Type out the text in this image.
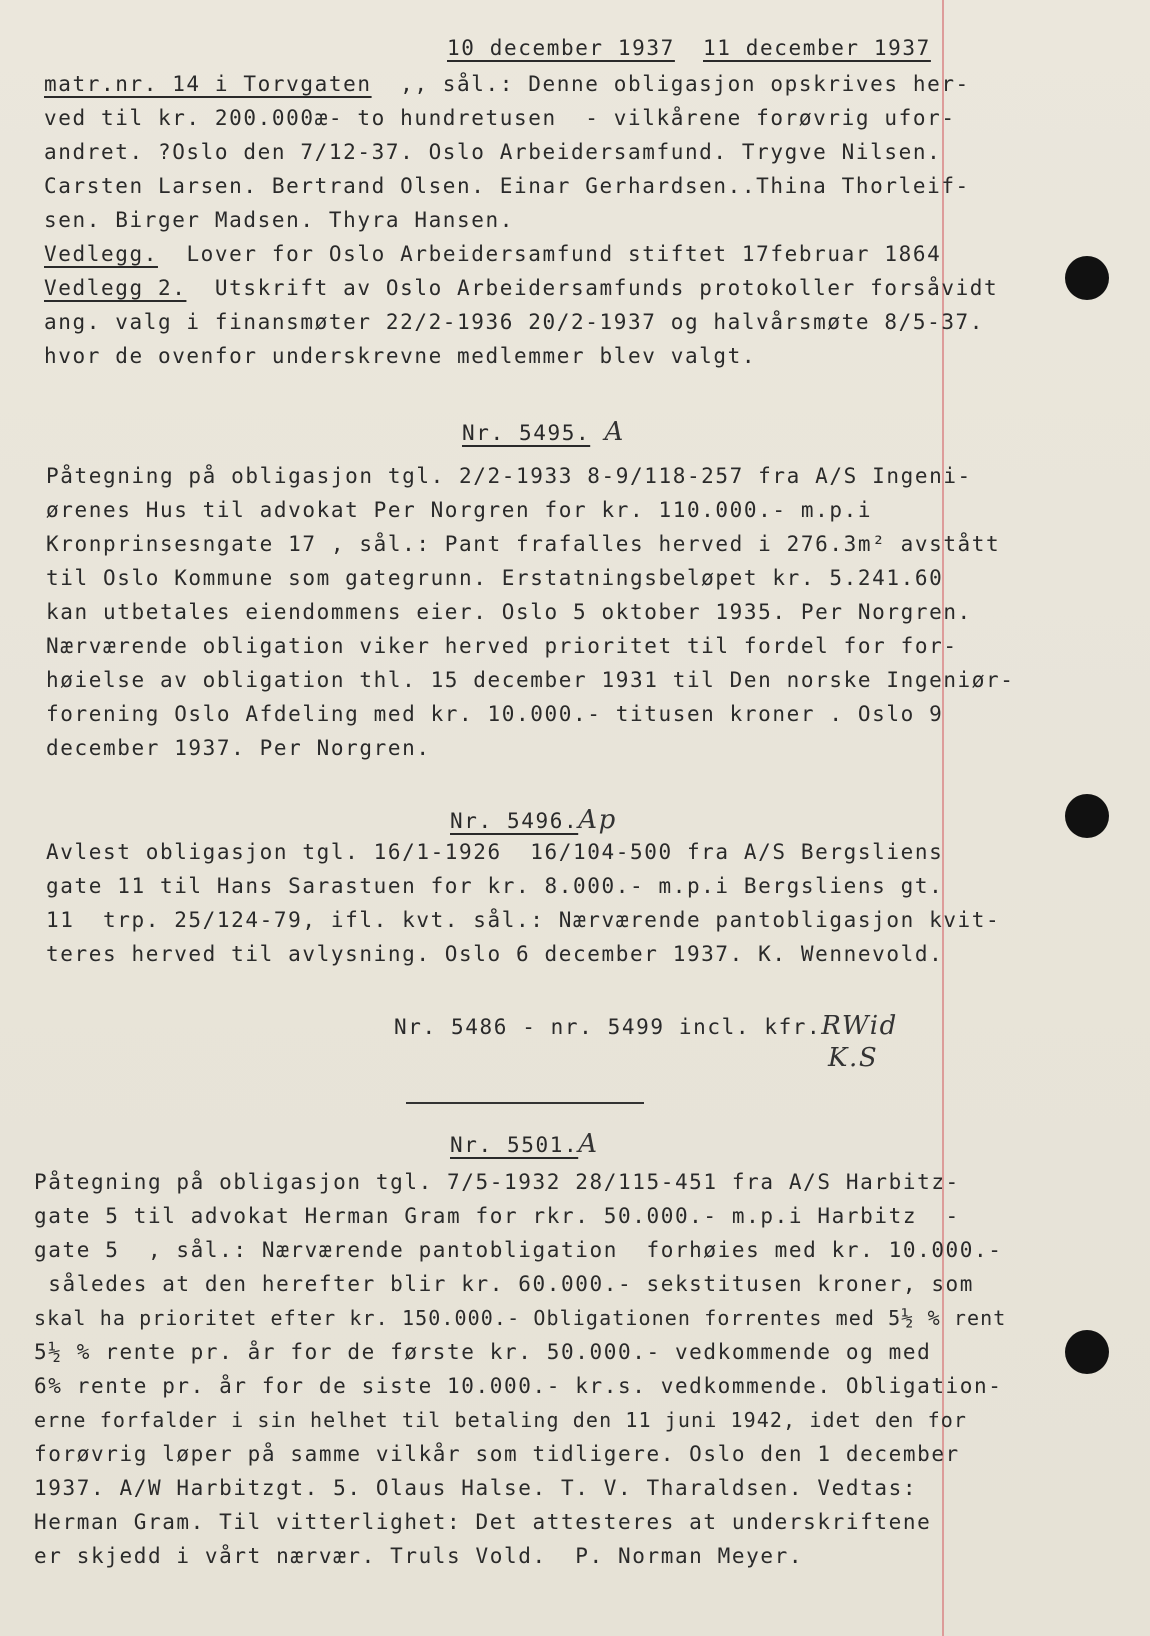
10 december 1937 11 december 1937
matr.nr. 14 i Torvgaten  ,, sål.: Denne obligasjon opskrives her-
ved til kr. 200.000æ- to hundretusen  - vilkårene forøvrig ufor-
andret. ?Oslo den 7/12-37. Oslo Arbeidersamfund. Trygve Nilsen.
Carsten Larsen. Bertrand Olsen. Einar Gerhardsen..Thina Thorleif-
sen. Birger Madsen. Thyra Hansen.
Vedlegg.  Lover for Oslo Arbeidersamfund stiftet 17februar 1864
Vedlegg 2.  Utskrift av Oslo Arbeidersamfunds protokoller forsåvidt
ang. valg i finansmøter 22/2-1936 20/2-1937 og halvårsmøte 8/5-37.
hvor de ovenfor underskrevne medlemmer blev valgt.
Nr. 5495. A
Påtegning på obligasjon tgl. 2/2-1933 8-9/118-257 fra A/S Ingeni-
ørenes Hus til advokat Per Norgren for kr. 110.000.- m.p.i
Kronprinsesngate 17 , sål.: Pant frafalles herved i 276.3m² avstått
til Oslo Kommune som gategrunn. Erstatningsbeløpet kr. 5.241.60
kan utbetales eiendommens eier. Oslo 5 oktober 1935. Per Norgren.
Nærværende obligation viker herved prioritet til fordel for for-
høielse av obligation thl. 15 december 1931 til Den norske Ingeniør-
forening Oslo Afdeling med kr. 10.000.- titusen kroner . Oslo 9
december 1937. Per Norgren.
Nr. 5496.Ap
Avlest obligasjon tgl. 16/1-1926  16/104-500 fra A/S Bergsliens
gate 11 til Hans Sarastuen for kr. 8.000.- m.p.i Bergsliens gt.
11  trp. 25/124-79, ifl. kvt. sål.: Nærværende pantobligasjon kvit-
teres herved til avlysning. Oslo 6 december 1937. K. Wennevold.
Nr. 5486 - nr. 5499 incl. kfr.RWid
K.S
Nr. 5501.A
Påtegning på obligasjon tgl. 7/5-1932 28/115-451 fra A/S Harbitz-
gate 5 til advokat Herman Gram for rkr. 50.000.- m.p.i Harbitz  -
gate 5  , sål.: Nærværende pantobligation  forhøies med kr. 10.000.-
således at den herefter blir kr. 60.000.- sekstitusen kroner, som
skal ha prioritet efter kr. 150.000.- Obligationen forrentes med 5½ % rent
5½ % rente pr. år for de første kr. 50.000.- vedkommende og med
6% rente pr. år for de siste 10.000.- kr.s. vedkommende. Obligation-
erne forfalder i sin helhet til betaling den 11 juni 1942, idet den for
forøvrig løper på samme vilkår som tidligere. Oslo den 1 december
1937. A/W Harbitzgt. 5. Olaus Halse. T. V. Tharaldsen. Vedtas:
Herman Gram. Til vitterlighet: Det attesteres at underskriftene
er skjedd i vårt nærvær. Truls Vold.  P. Norman Meyer.
